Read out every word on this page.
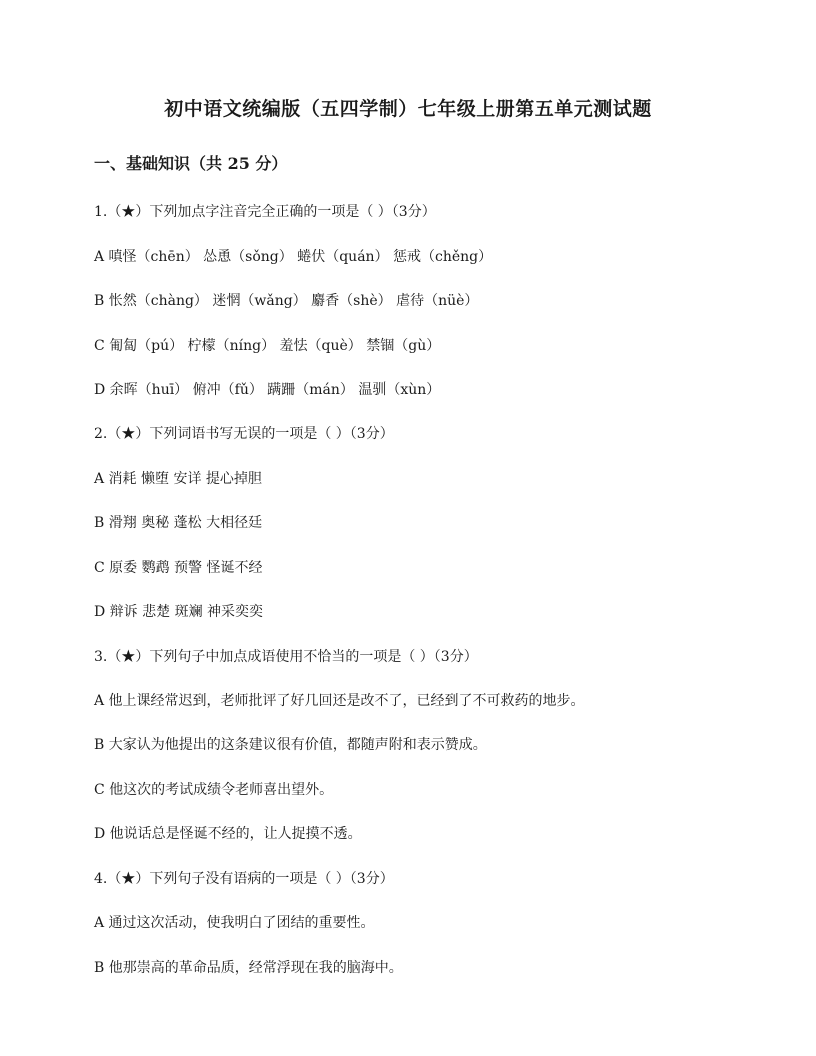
初中语文统编版（五四学制）七年级上册第五单元测试题
一、基础知识（共 25 分）
1.（★）下列加点字注音完全正确的一项是（ ）（3分）
A 嗔怪（chēn） 怂恿（sǒng） 蜷伏（quán） 惩戒（chěng）
B 怅然（chàng） 迷惘（wǎng） 麝香（shè） 虐待（nüè）
C 匍匐（pú） 柠檬（níng） 羞怯（què） 禁锢（gù）
D 余晖（huī） 俯冲（fǔ） 蹒跚（mán） 温驯（xùn）
2.（★）下列词语书写无误的一项是（ ）（3分）
A 消耗 懒堕 安详 提心掉胆
B 滑翔 奥秘 蓬松 大相径廷
C 原委 鹦鹉 预警 怪诞不经
D 辩诉 悲楚 斑斓 神采奕奕
3.（★）下列句子中加点成语使用不恰当的一项是（ ）（3分）
A 他上课经常迟到，老师批评了好几回还是改不了，已经到了不可救药的地步。
B 大家认为他提出的这条建议很有价值，都随声附和表示赞成。
C 他这次的考试成绩令老师喜出望外。
D 他说话总是怪诞不经的，让人捉摸不透。
4.（★）下列句子没有语病的一项是（ ）（3分）
A 通过这次活动，使我明白了团结的重要性。
B 他那崇高的革命品质，经常浮现在我的脑海中。
